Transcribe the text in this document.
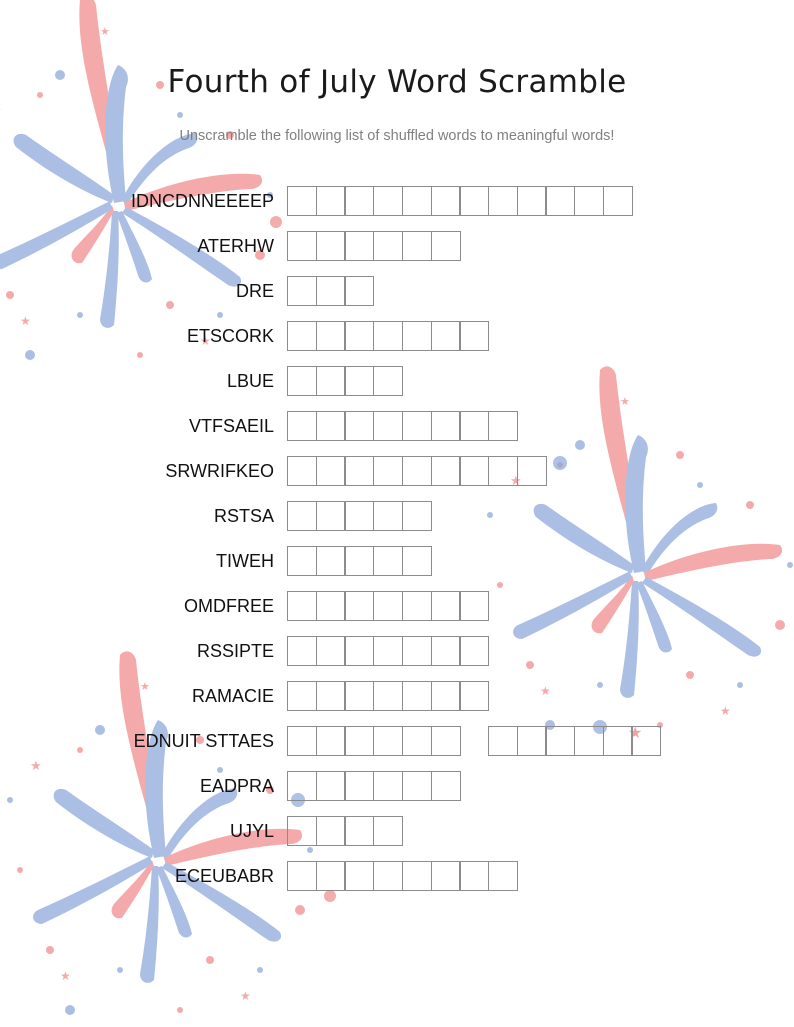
★
★
Fourth of July Word Scramble
Unscramble the following list of shuffled words to meaningful words!
IDNCDNNEEEEP
ATERHW
DRE
ETSCORK
LBUE
VTFSAEIL
SRWRIFKEO
RSTSA
TIWEH
OMDFREE
RSSIPTE
RAMACIE
EDNUIT STTAES
EADPRA
UJYL
ECEUBABR
